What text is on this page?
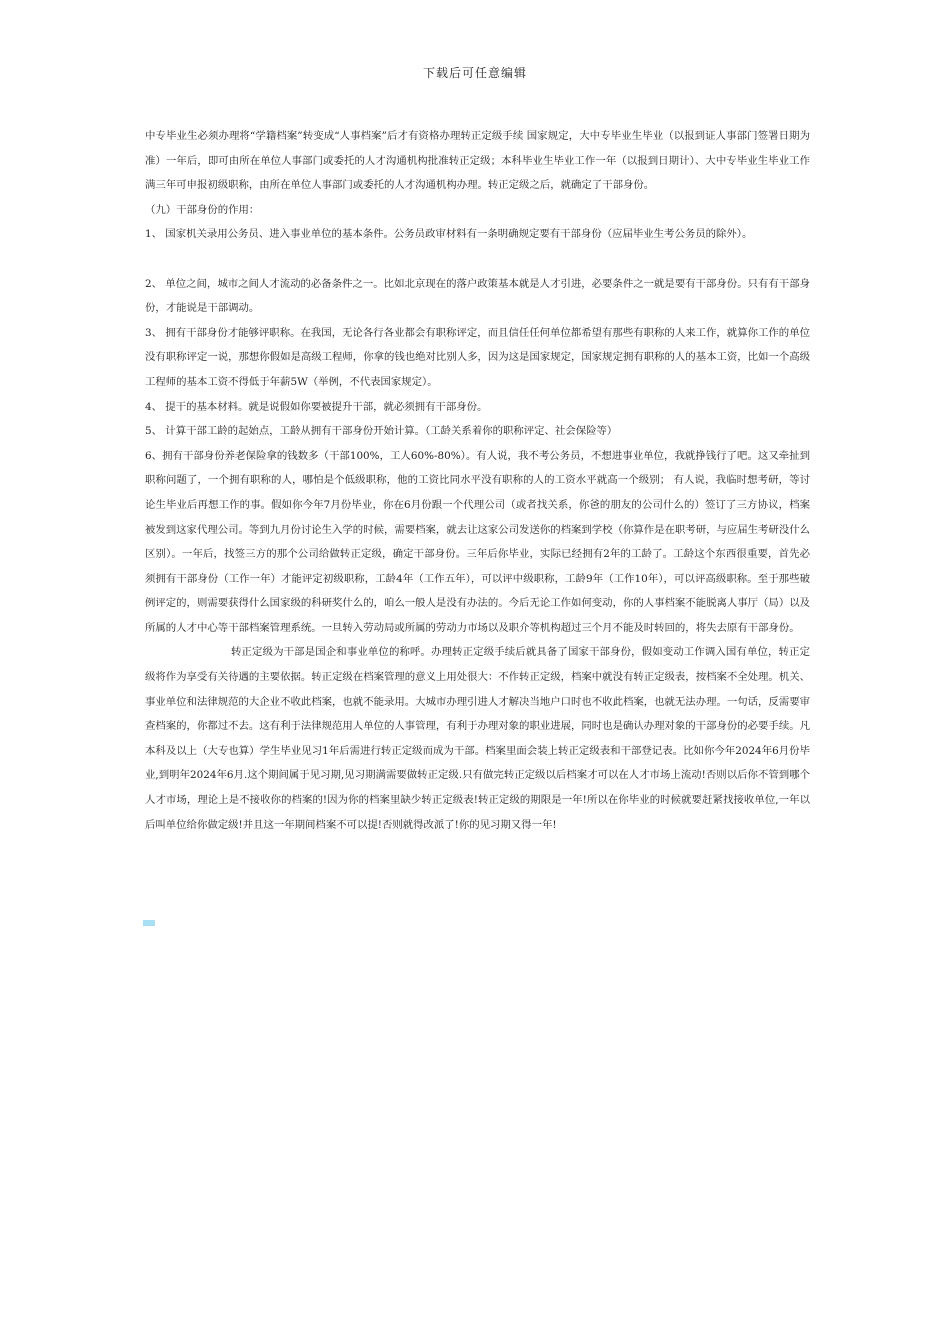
下载后可任意编辑

中专毕业生必须办理将“学籍档案”转变成“人事档案”后才有资格办理转正定级手续 国家规定，大中专毕业生毕业（以报到证人事部门签署日期为准）一年后，即可由所在单位人事部门或委托的人才沟通机构批准转正定级；本科毕业生毕业工作一年（以报到日期计）、大中专毕业生毕业工作满三年可申报初级职称，由所在单位人事部门或委托的人才沟通机构办理。转正定级之后，就确定了干部身份。

（九）干部身份的作用：

1、 国家机关录用公务员、进入事业单位的基本条件。公务员政审材料有一条明确规定要有干部身份（应届毕业生考公务员的除外）。

2、 单位之间，城市之间人才流动的必备条件之一。比如北京现在的落户政策基本就是人才引进，必要条件之一就是要有干部身份。只有有干部身份，才能说是干部调动。

3、 拥有干部身份才能够评职称。在我国，无论各行各业都会有职称评定，而且信任任何单位都希望有那些有职称的人来工作，就算你工作的单位没有职称评定一说，那想你假如是高级工程师，你拿的钱也绝对比别人多，因为这是国家规定，国家规定拥有职称的人的基本工资，比如一个高级工程师的基本工资不得低于年薪5W（举例，不代表国家规定）。

4、 提干的基本材料。就是说假如你要被提升干部，就必须拥有干部身份。

5、 计算干部工龄的起始点，工龄从拥有干部身份开始计算。（工龄关系着你的职称评定、社会保险等）

6、拥有干部身份养老保险拿的钱数多（干部100%，工人60%-80%）。有人说，我不考公务员，不想进事业单位，我就挣钱行了吧。这又牵扯到职称问题了，一个拥有职称的人，哪怕是个低级职称，他的工资比同水平没有职称的人的工资水平就高一个级别； 有人说，我临时想考研，等讨论生毕业后再想工作的事。假如你今年7月份毕业，你在6月份跟一个代理公司（或者找关系，你爸的朋友的公司什么的）签订了三方协议，档案被发到这家代理公司。等到九月份讨论生入学的时候，需要档案，就去让这家公司发送你的档案到学校（你算作是在职考研，与应届生考研没什么区别）。一年后，找签三方的那个公司给做转正定级，确定干部身份。三年后你毕业，实际已经拥有2年的工龄了。工龄这个东西很重要，首先必须拥有干部身份（工作一年）才能评定初级职称，工龄4年（工作五年），可以评中级职称，工龄9年（工作10年），可以评高级职称。至于那些破例评定的，则需要获得什么国家级的科研奖什么的，咱么一般人是没有办法的。今后无论工作如何变动，你的人事档案不能脱离人事厅（局）以及所属的人才中心等干部档案管理系统。一旦转入劳动局或所属的劳动力市场以及职介等机构超过三个月不能及时转回的，将失去原有干部身份。

转正定级为干部是国企和事业单位的称呼。办理转正定级手续后就具备了国家干部身份，假如变动工作调入国有单位，转正定级将作为享受有关待遇的主要依据。转正定级在档案管理的意义上用处很大：不作转正定级，档案中就没有转正定级表，按档案不全处理。机关、事业单位和法律规范的大企业不收此档案，也就不能录用。大城市办理引进人才解决当地户口时也不收此档案，也就无法办理。一句话，反需要审查档案的，你都过不去。这有利于法律规范用人单位的人事管理，有利于办理对象的职业进展，同时也是确认办理对象的干部身份的必要手续。凡本科及以上（大专也算）学生毕业见习1年后需进行转正定级而成为干部。档案里面会装上转正定级表和干部登记表。比如你今年2024年6月份毕业,到明年2024年6月.这个期间属于见习期,见习期满需要做转正定级.只有做完转正定级以后档案才可以在人才市场上流动!否则以后你不管到哪个人才市场，理论上是不接收你的档案的!因为你的档案里缺少转正定级表!转正定级的期限是一年!所以在你毕业的时候就要赶紧找接收单位,一年以后叫单位给你做定级!并且这一年期间档案不可以提!否则就得改派了!你的见习期又得一年!
